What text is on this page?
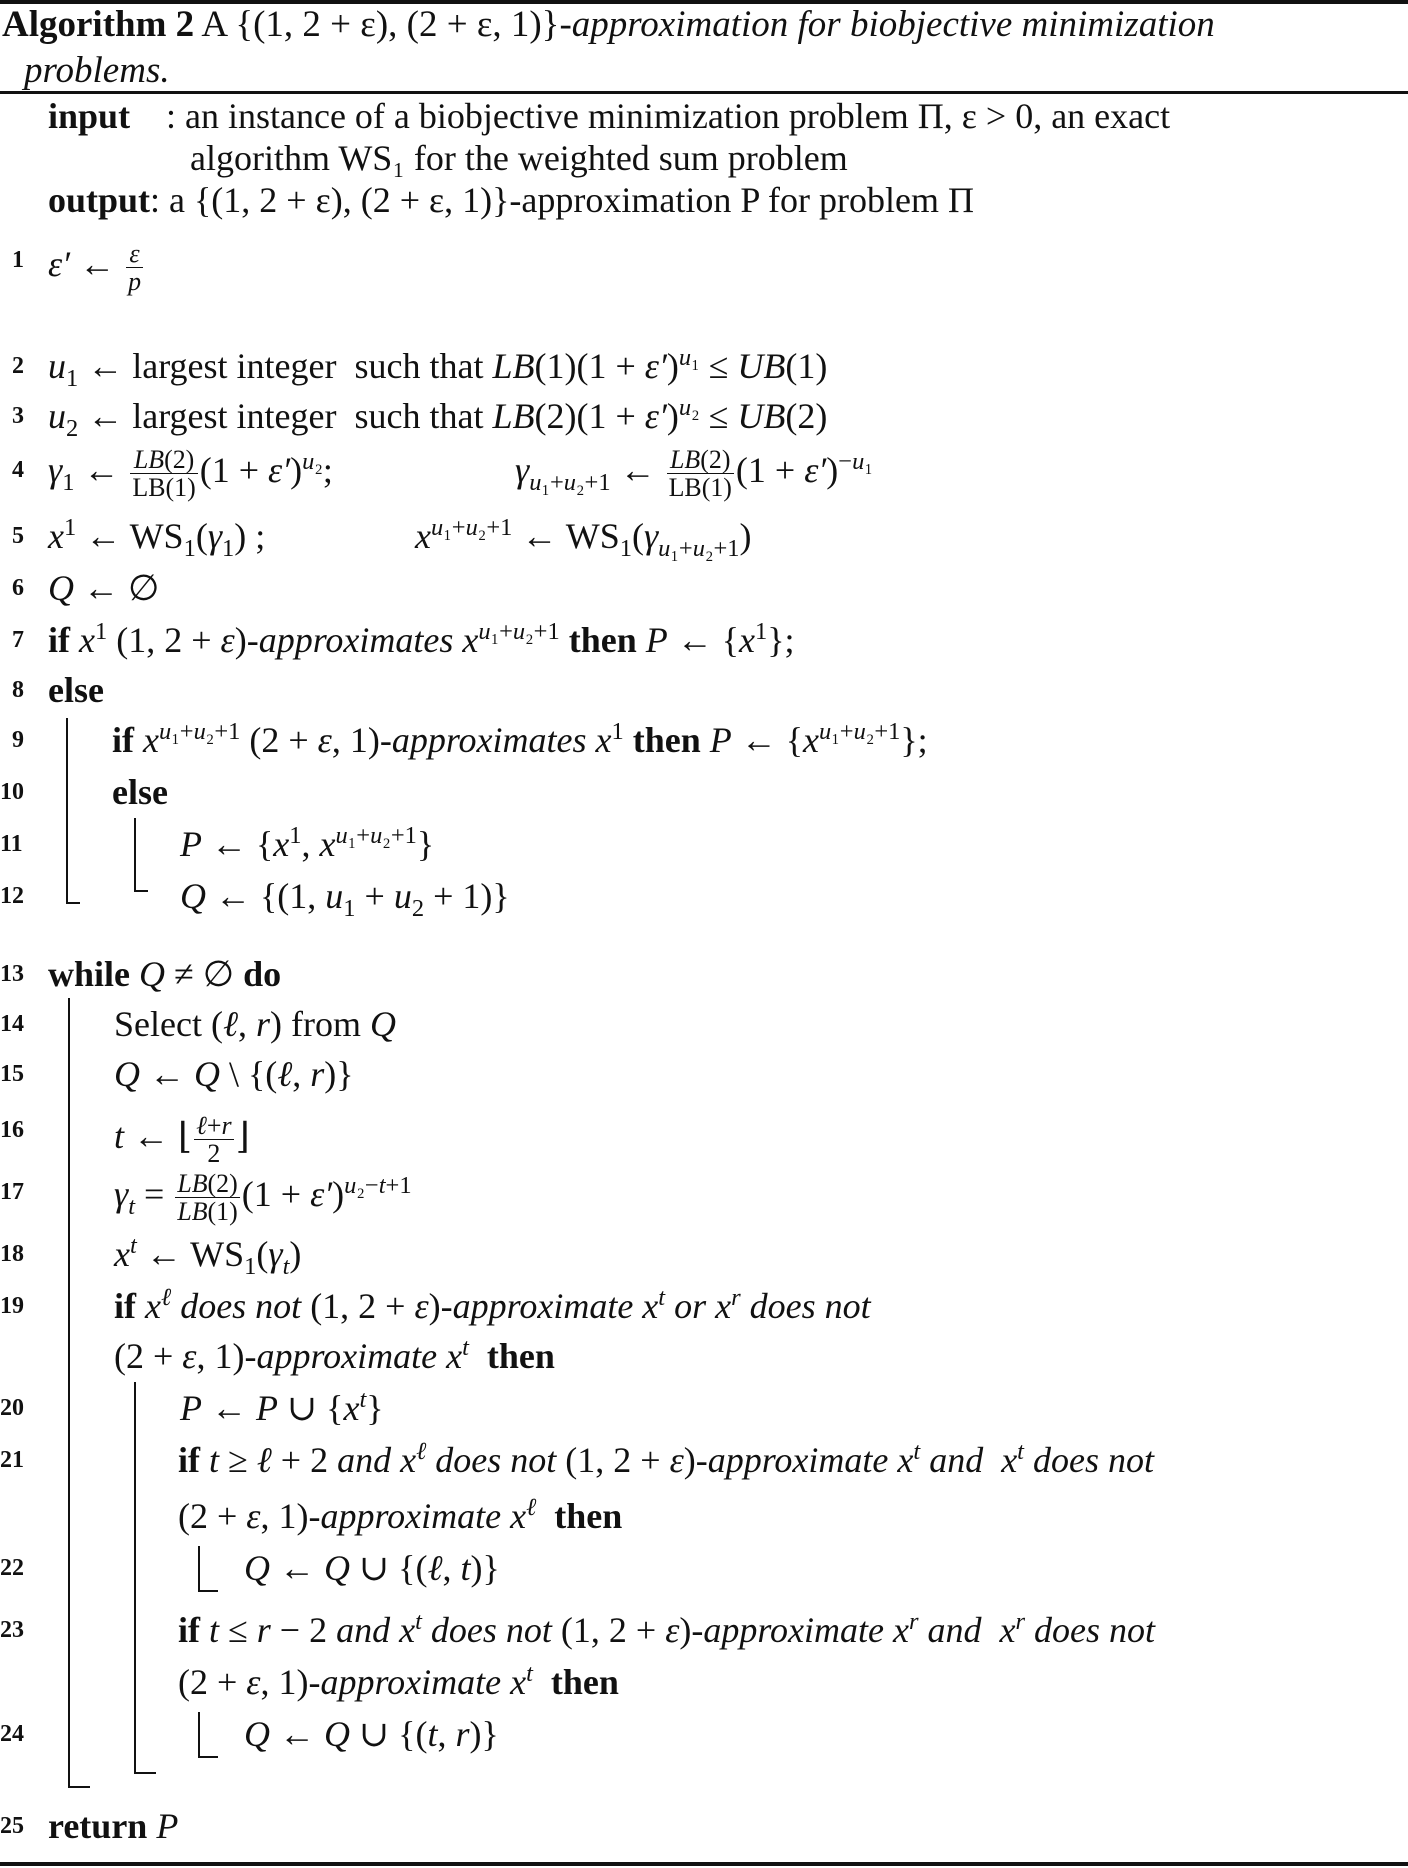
Algorithm 2 A {(1, 2 + ε), (2 + ε, 1)}-approximation for biobjective minimization
problems.
input : an instance of a biobjective minimization problem Π, ε > 0, an exact
algorithm WS₁ for the weighted sum problem
output: a {(1, 2 + ε), (2 + ε, 1)}-approximation P for problem Π
1 ε′ ← $\frac{\varepsilon}{p}$
2 $u_1$ ← largest integer such that $LB(1)(1 + \varepsilon')^{u_1} \le UB(1)$
3 $u_2$ ← largest integer such that $LB(2)(1 + \varepsilon')^{u_2} \le UB(2)$
4 $\gamma_1$ ← $\frac{LB(2)}{LB(1)} (1 + \varepsilon')^{u_2}$;	$\gamma_{u_1+u_2+1}$ ← $\frac{LB(2)}{LB(1)} (1 + \varepsilon')^{-u_1}$
5 $x^1$ ← $WS_1(\gamma_1)$ ;	$x^{u_1+u_2+1}$ ← $WS_1(\gamma_{u_1+u_2+1})$
6 Q ← ∅
7 if $x^1$ (1, 2 + ε)-approximates $x^{u_1+u_2+1}$ then P ← $\{x^1\}$;
8 else
9 if $x^{u_1+u_2+1}$ (2 + ε, 1)-approximates $x^1$ then P ← $\{x^{u_1+u_2+1}\}$;
10 else
11	P ← {$x^1$, $x^{u_1+u_2+1}$}
12	Q ← {(1, $u_1 + u_2 + 1$)}
13 while Q ≠ ∅ do
14	Select (ℓ, r) from Q
15	Q ← Q \ {(ℓ, r)}
16	t ← ⌊ $\frac{\text{ℓ+r}}{2}$ ⌋
17	$\gamma_t = \frac{LB(2)}{LB(1)} (1 + \varepsilon')^{u_2-t+1}$
18	$x^t$ ← $WS_1(\gamma_t)$
19	if $x^\ell$ does not (1, 2 + ε)-approximate $x^t$ or $x^r$ does not
(2 + ε, 1)-approximate $x^t$ then
20	P ← P ∪ $\{x^t\}$
21	if t ≥ ℓ + 2 and $x^\ell$ does not (1, 2 + ε)-approximate $x^t$ and $x^t$ does not
(2 + ε, 1)-approximate $x^\ell$ then
22	Q ← Q ∪ {(ℓ, t)}
23	if t ≤ r − 2 and $x^t$ does not (1, 2 + ε)-approximate $x^r$ and $x^r$ does not
(2 + ε, 1)-approximate $x^t$ then
24	Q ← Q ∪ {(t, r)}
25 return P
